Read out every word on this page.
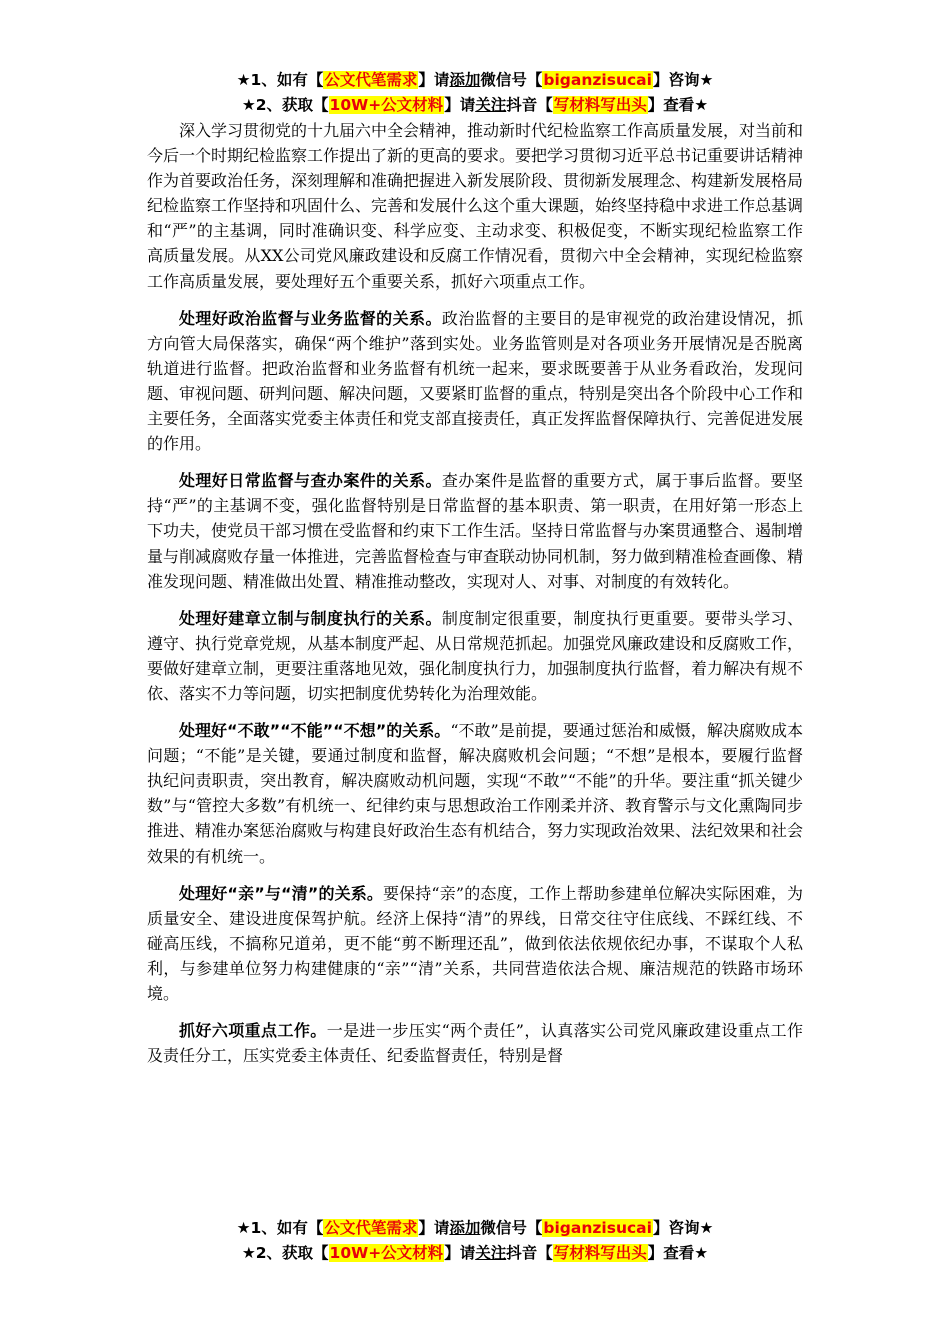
★1、如有【公文代笔需求】请添加微信号【biganzisucai】咨询★
★2、获取【10W+公文材料】请关注抖音【写材料写出头】查看★

深入学习贯彻党的十九届六中全会精神，推动新时代纪检监察工作高质量发展，对当前和今后一个时期纪检监察工作提出了新的更高的要求。要把学习贯彻习近平总书记重要讲话精神作为首要政治任务，深刻理解和准确把握进入新发展阶段、贯彻新发展理念、构建新发展格局纪检监察工作坚持和巩固什么、完善和发展什么这个重大课题，始终坚持稳中求进工作总基调和“严”的主基调，同时准确识变、科学应变、主动求变、积极促变，不断实现纪检监察工作高质量发展。从XX公司党风廉政建设和反腐工作情况看，贯彻六中全会精神，实现纪检监察工作高质量发展，要处理好五个重要关系，抓好六项重点工作。

处理好政治监督与业务监督的关系。政治监督的主要目的是审视党的政治建设情况，抓方向管大局保落实，确保“两个维护”落到实处。业务监管则是对各项业务开展情况是否脱离轨道进行监督。把政治监督和业务监督有机统一起来，要求既要善于从业务看政治，发现问题、审视问题、研判问题、解决问题，又要紧盯监督的重点，特别是突出各个阶段中心工作和主要任务，全面落实党委主体责任和党支部直接责任，真正发挥监督保障执行、完善促进发展的作用。

处理好日常监督与查办案件的关系。查办案件是监督的重要方式，属于事后监督。要坚持“严”的主基调不变，强化监督特别是日常监督的基本职责、第一职责，在用好第一形态上下功夫，使党员干部习惯在受监督和约束下工作生活。坚持日常监督与办案贯通整合、遏制增量与削减腐败存量一体推进，完善监督检查与审查联动协同机制，努力做到精准检查画像、精准发现问题、精准做出处置、精准推动整改，实现对人、对事、对制度的有效转化。

处理好建章立制与制度执行的关系。制度制定很重要，制度执行更重要。要带头学习、遵守、执行党章党规，从基本制度严起、从日常规范抓起。加强党风廉政建设和反腐败工作，要做好建章立制，更要注重落地见效，强化制度执行力，加强制度执行监督，着力解决有规不依、落实不力等问题，切实把制度优势转化为治理效能。

处理好“不敢”“不能”“不想”的关系。“不敢”是前提，要通过惩治和威慑，解决腐败成本问题；“不能”是关键，要通过制度和监督，解决腐败机会问题；“不想”是根本，要履行监督执纪问责职责，突出教育，解决腐败动机问题，实现“不敢”“不能”的升华。要注重“抓关键少数”与“管控大多数”有机统一、纪律约束与思想政治工作刚柔并济、教育警示与文化熏陶同步推进、精准办案惩治腐败与构建良好政治生态有机结合，努力实现政治效果、法纪效果和社会效果的有机统一。

处理好“亲”与“清”的关系。要保持“亲”的态度，工作上帮助参建单位解决实际困难，为质量安全、建设进度保驾护航。经济上保持“清”的界线，日常交往守住底线、不踩红线、不碰高压线，不搞称兄道弟，更不能“剪不断理还乱”，做到依法依规依纪办事，不谋取个人私利，与参建单位努力构建健康的“亲”“清”关系，共同营造依法合规、廉洁规范的铁路市场环境。

抓好六项重点工作。一是进一步压实“两个责任”，认真落实公司党风廉政建设重点工作及责任分工，压实党委主体责任、纪委监督责任，特别是督

★1、如有【公文代笔需求】请添加微信号【biganzisucai】咨询★
★2、获取【10W+公文材料】请关注抖音【写材料写出头】查看★
